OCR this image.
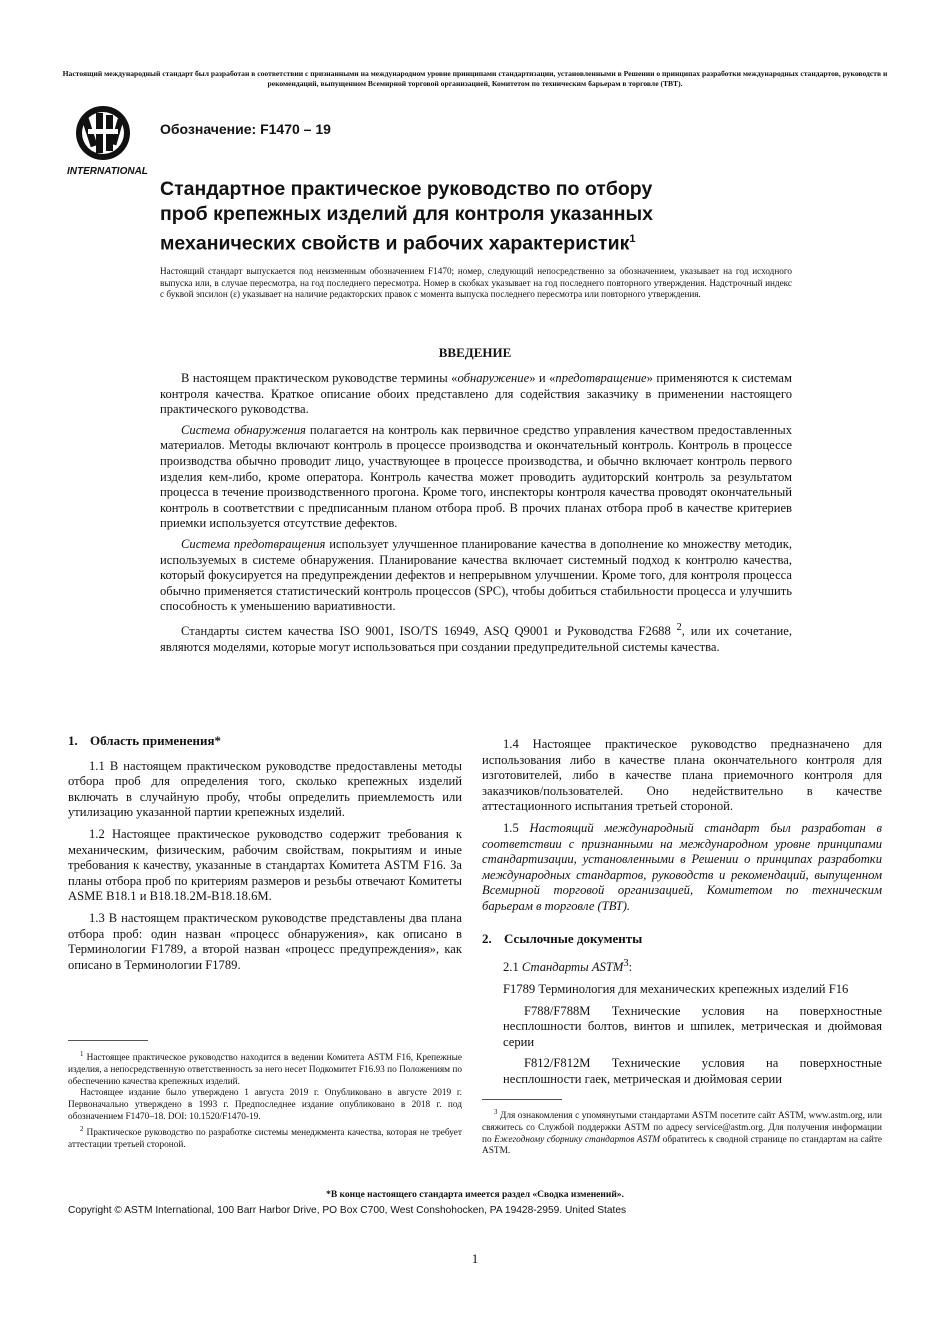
Настоящий международный стандарт был разработан в соответствии с признанными на международном уровне принципами стандартизации, установленными в Решении о принципах разработки международных стандартов, руководств и рекомендаций, выпущенном Всемирной торговой организацией, Комитетом по техническим барьерам в торговле (ТВТ).
INTERNATIONAL
Обозначение: F1470 – 19
Стандартное практическое руководство по отбору
проб крепежных изделий для контроля указанных
механических свойств и рабочих характеристик$^1$
Настоящий стандарт выпускается под неизменным обозначением F1470; номер, следующий непосредственно за обозначением, указывает на год исходного выпуска или, в случае пересмотра, на год последнего пересмотра. Номер в скобках указывает на год последнего повторного утверждения. Надстрочный индекс с буквой эпсилон (ε) указывает на наличие редакторских правок с момента выпуска последнего пересмотра или повторного утверждения.
ВВЕДЕНИЕ

В настоящем практическом руководстве термины «обнаружение» и «предотвращение» применяются к системам контроля качества. Краткое описание обоих представлено для содействия заказчику в применении настоящего практического руководства.

Система обнаружения полагается на контроль как первичное средство управления качеством предоставленных материалов. Методы включают контроль в процессе производства и окончательный контроль. Контроль в процессе производства обычно проводит лицо, участвующее в процессе производства, и обычно включает контроль первого изделия кем-либо, кроме оператора. Контроль качества может проводить аудиторский контроль за результатом процесса в течение производственного прогона. Кроме того, инспекторы контроля качества проводят окончательный контроль в соответствии с предписанным планом отбора проб. В прочих планах отбора проб в качестве критериев приемки используется отсутствие дефектов.

Система предотвращения использует улучшенное планирование качества в дополнение ко множеству методик, используемых в системе обнаружения. Планирование качества включает системный подход к контролю качества, который фокусируется на предупреждении дефектов и непрерывном улучшении. Кроме того, для контроля процесса обычно применяется статистический контроль процессов (SPC), чтобы добиться стабильности процесса и улучшить способность к уменьшению вариативности.

Стандарты систем качества ISO 9001, ISO/TS 16949, ASQ Q9001 и Руководства F2688 $^2$, или их сочетание, являются моделями, которые могут использоваться при создании предупредительной системы качества.

1. Область применения*

1.1 В настоящем практическом руководстве предоставлены методы отбора проб для определения того, сколько крепежных изделий включать в случайную пробу, чтобы определить приемлемость или утилизацию указанной партии крепежных изделий.

1.2 Настоящее практическое руководство содержит требования к механическим, физическим, рабочим свойствам, покрытиям и иные требования к качеству, указанные в стандартах Комитета ASTM F16. За планы отбора проб по критериям размеров и резьбы отвечают Комитеты ASME B18.1 и B18.18.2M-B18.18.6M.

1.3 В настоящем практическом руководстве представлены два плана отбора проб: один назван «процесс обнаружения», как описано в Терминологии F1789, а второй назван «процесс предупреждения», как описано в Терминологии F1789.

1.4 Настоящее практическое руководство предназначено для использования либо в качестве плана окончательного контроля для изготовителей, либо в качестве плана приемочного контроля для заказчиков/пользователей. Оно недействительно в качестве аттестационного испытания третьей стороной.

1.5 Настоящий международный стандарт был разработан в соответствии с признанными на международном уровне принципами стандартизации, установленными в Решении о принципах разработки международных стандартов, руководств и рекомендаций, выпущенном Всемирной торговой организацией, Комитетом по техническим барьерам в торговле (ТВТ).

2. Ссылочные документы

2.1 Стандарты ASTM$^3$:

F1789 Терминология для механических крепежных изделий F16

F788/F788M Технические условия на поверхностные несплошности болтов, винтов и шпилек, метрическая и дюймовая серии

F812/F812M Технические условия на поверхностные несплошности гаек, метрическая и дюймовая серии

$^1$ Настоящее практическое руководство находится в ведении Комитета ASTM F16, Крепежные изделия, а непосредственную ответственность за него несет Подкомитет F16.93 по Положениям по обеспечению качества крепежных изделий.

Настоящее издание было утверждено 1 августа 2019 г. Опубликовано в августе 2019 г. Первоначально утверждено в 1993 г. Предпоследнее издание опубликовано в 2018 г. под обозначением F1470–18. DOI: 10.1520/F1470-19.

$^2$ Практическое руководство по разработке системы менеджмента качества, которая не требует аттестации третьей стороной.

$^3$ Для ознакомления с упомянутыми стандартами ASTM посетите сайт ASTM, www.astm.org, или свяжитесь со Службой поддержки ASTM по адресу service@astm.org. Для получения информации по Ежегодному сборнику стандартов ASTM обратитесь к сводной странице по стандартам на сайте ASTM.

*В конце настоящего стандарта имеется раздел «Сводка изменений».
Copyright © ASTM International, 100 Barr Harbor Drive, PO Box C700, West Conshohocken, PA 19428-2959. United States
1
